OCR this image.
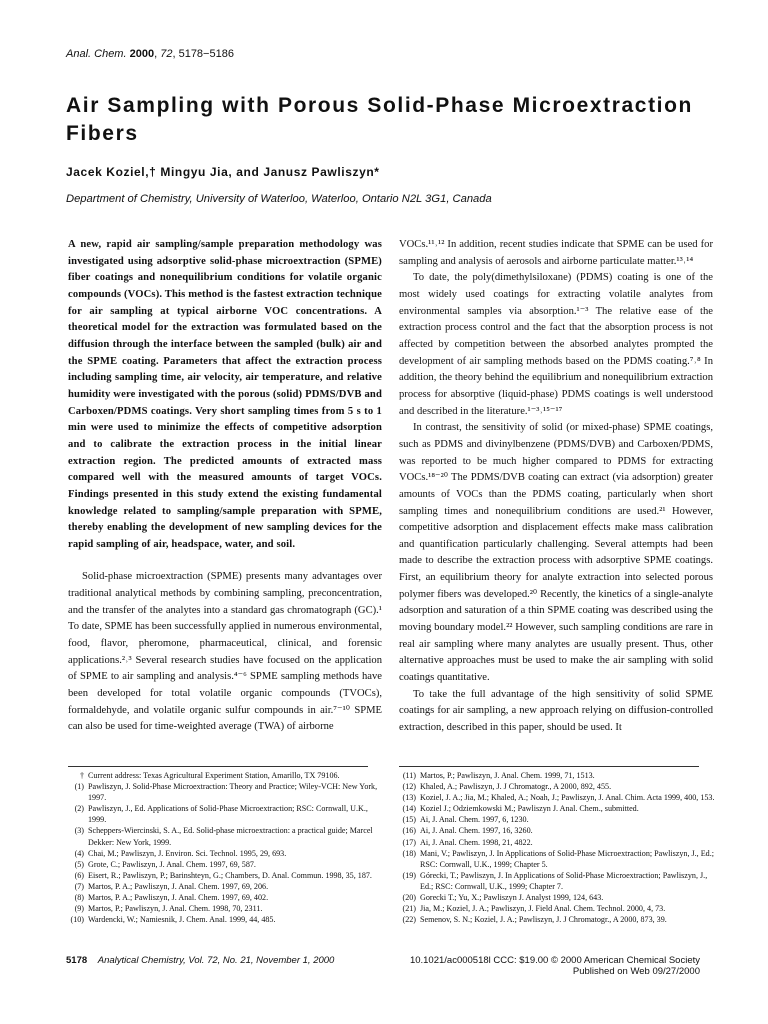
Anal. Chem. 2000, 72, 5178−5186
Air Sampling with Porous Solid-Phase Microextraction Fibers
Jacek Koziel,† Mingyu Jia, and Janusz Pawliszyn*
Department of Chemistry, University of Waterloo, Waterloo, Ontario N2L 3G1, Canada

A new, rapid air sampling/sample preparation methodology was investigated using adsorptive solid-phase microextraction (SPME) fiber coatings and nonequilibrium conditions for volatile organic compounds (VOCs). This method is the fastest extraction technique for air sampling at typical airborne VOC concentrations. A theoretical model for the extraction was formulated based on the diffusion through the interface between the sampled (bulk) air and the SPME coating. Parameters that affect the extraction process including sampling time, air velocity, air temperature, and relative humidity were investigated with the porous (solid) PDMS/DVB and Carboxen/PDMS coatings. Very short sampling times from 5 s to 1 min were used to minimize the effects of competitive adsorption and to calibrate the extraction process in the initial linear extraction region. The predicted amounts of extracted mass compared well with the measured amounts of target VOCs. Findings presented in this study extend the existing fundamental knowledge related to sampling/sample preparation with SPME, thereby enabling the development of new sampling devices for the rapid sampling of air, headspace, water, and soil.

Solid-phase microextraction (SPME) presents many advantages over traditional analytical methods by combining sampling, preconcentration, and the transfer of the analytes into a standard gas chromatograph (GC).¹ To date, SPME has been successfully applied in numerous environmental, food, flavor, pheromone, pharmaceutical, clinical, and forensic applications.²˒³ Several research studies have focused on the application of SPME to air sampling and analysis.⁴⁻⁶ SPME sampling methods have been developed for total volatile organic compounds (TVOCs), formaldehyde, and volatile organic sulfur compounds in air.⁷⁻¹⁰ SPME can also be used for time-weighted average (TWA) of airborne

VOCs.¹¹˒¹² In addition, recent studies indicate that SPME can be used for sampling and analysis of aerosols and airborne particulate matter.¹³˒¹⁴

To date, the poly(dimethylsiloxane) (PDMS) coating is one of the most widely used coatings for extracting volatile analytes from environmental samples via absorption.¹⁻³ The relative ease of the extraction process control and the fact that the absorption process is not affected by competition between the absorbed analytes prompted the development of air sampling methods based on the PDMS coating.⁷˒⁸ In addition, the theory behind the equilibrium and nonequilibrium extraction process for absorptive (liquid-phase) PDMS coatings is well understood and described in the literature.¹⁻³˒¹⁵⁻¹⁷

In contrast, the sensitivity of solid (or mixed-phase) SPME coatings, such as PDMS and divinylbenzene (PDMS/DVB) and Carboxen/PDMS, was reported to be much higher compared to PDMS for extracting VOCs.¹⁸⁻²⁰ The PDMS/DVB coating can extract (via adsorption) greater amounts of VOCs than the PDMS coating, particularly when short sampling times and nonequilibrium conditions are used.²¹ However, competitive adsorption and displacement effects make mass calibration and quantification particularly challenging. Several attempts had been made to describe the extraction process with adsorptive SPME coatings. First, an equilibrium theory for analyte extraction into selected porous polymer fibers was developed.²⁰ Recently, the kinetics of a single-analyte adsorption and saturation of a thin SPME coating was described using the moving boundary model.²² However, such sampling conditions are rare in real air sampling where many analytes are usually present. Thus, other alternative approaches must be used to make the air sampling with solid coatings quantitative.

To take the full advantage of the high sensitivity of solid SPME coatings for air sampling, a new approach relying on diffusion-controlled extraction, described in this paper, should be used. It

† Current address: Texas Agricultural Experiment Station, Amarillo, TX 79106.
(1) Pawliszyn, J. Solid-Phase Microextraction: Theory and Practice; Wiley-VCH: New York, 1997.
(2) Pawliszyn, J., Ed. Applications of Solid-Phase Microextraction; RSC: Cornwall, U.K., 1999.
(3) Scheppers-Wiercinski, S. A., Ed. Solid-phase microextraction: a practical guide; Marcel Dekker: New York, 1999.
(4) Chai, M.; Pawliszyn, J. Environ. Sci. Technol. 1995, 29, 693.
(5) Grote, C.; Pawliszyn, J. Anal. Chem. 1997, 69, 587.
(6) Eisert, R.; Pawliszyn, P.; Barinshteyn, G.; Chambers, D. Anal. Commun. 1998, 35, 187.
(7) Martos, P. A.; Pawliszyn, J. Anal. Chem. 1997, 69, 206.
(8) Martos, P. A.; Pawliszyn, J. Anal. Chem. 1997, 69, 402.
(9) Martos, P.; Pawliszyn, J. Anal. Chem. 1998, 70, 2311.
(10) Wardencki, W.; Namiesnik, J. Chem. Anal. 1999, 44, 485.
(11) Martos, P.; Pawliszyn, J. Anal. Chem. 1999, 71, 1513.
(12) Khaled, A.; Pawliszyn, J. J Chromatogr., A 2000, 892, 455.
(13) Koziel, J. A.; Jia, M.; Khaled, A.; Noah, J.; Pawliszyn, J. Anal. Chim. Acta 1999, 400, 153.
(14) Koziel J.; Odziemkowski M.; Pawliszyn J. Anal. Chem., submitted.
(15) Ai, J. Anal. Chem. 1997, 6, 1230.
(16) Ai, J. Anal. Chem. 1997, 16, 3260.
(17) Ai, J. Anal. Chem. 1998, 21, 4822.
(18) Mani, V.; Pawliszyn, J. In Applications of Solid-Phase Microextraction; Pawliszyn, J., Ed.; RSC: Cornwall, U.K., 1999; Chapter 5.
(19) Górecki, T.; Pawliszyn, J. In Applications of Solid-Phase Microextraction; Pawliszyn, J., Ed.; RSC: Cornwall, U.K., 1999; Chapter 7.
(20) Gorecki T.; Yu, X.; Pawliszyn J. Analyst 1999, 124, 643.
(21) Jia, M.; Koziel, J. A.; Pawliszyn, J. Field Anal. Chem. Technol. 2000, 4, 73.
(22) Semenov, S. N.; Koziel, J. A.; Pawliszyn, J. J Chromatogr., A 2000, 873, 39.
5178 Analytical Chemistry, Vol. 72, No. 21, November 1, 2000	10.1021/ac000518l CCC: $19.00 © 2000 American Chemical Society
Published on Web 09/27/2000
